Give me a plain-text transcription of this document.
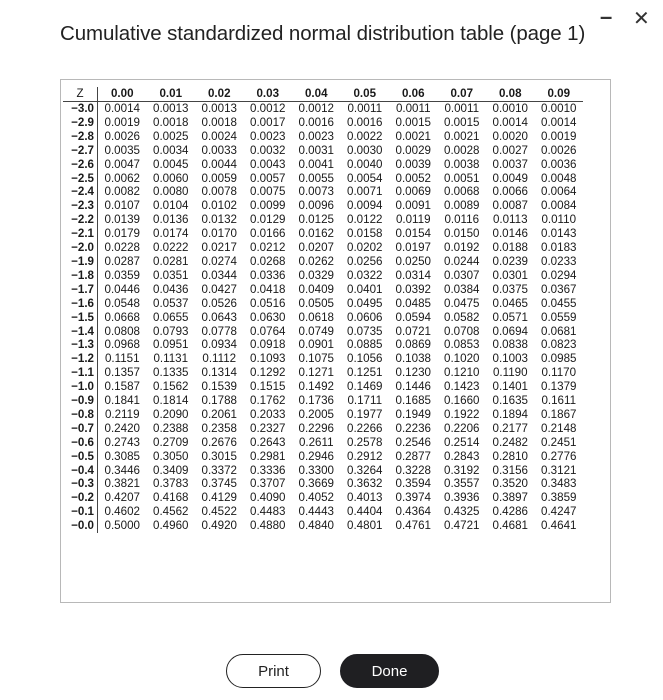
Cumulative standardized normal distribution table (page 1)
– ✕
Z	0.00	0.01	0.02	0.03	0.04	0.05	0.06	0.07	0.08	0.09
−3.0	0.0014	0.0013	0.0013	0.0012	0.0012	0.0011	0.0011	0.0011	0.0010	0.0010
−2.9	0.0019	0.0018	0.0018	0.0017	0.0016	0.0016	0.0015	0.0015	0.0014	0.0014
−2.8	0.0026	0.0025	0.0024	0.0023	0.0023	0.0022	0.0021	0.0021	0.0020	0.0019
−2.7	0.0035	0.0034	0.0033	0.0032	0.0031	0.0030	0.0029	0.0028	0.0027	0.0026
−2.6	0.0047	0.0045	0.0044	0.0043	0.0041	0.0040	0.0039	0.0038	0.0037	0.0036
−2.5	0.0062	0.0060	0.0059	0.0057	0.0055	0.0054	0.0052	0.0051	0.0049	0.0048
−2.4	0.0082	0.0080	0.0078	0.0075	0.0073	0.0071	0.0069	0.0068	0.0066	0.0064
−2.3	0.0107	0.0104	0.0102	0.0099	0.0096	0.0094	0.0091	0.0089	0.0087	0.0084
−2.2	0.0139	0.0136	0.0132	0.0129	0.0125	0.0122	0.0119	0.0116	0.0113	0.0110
−2.1	0.0179	0.0174	0.0170	0.0166	0.0162	0.0158	0.0154	0.0150	0.0146	0.0143
−2.0	0.0228	0.0222	0.0217	0.0212	0.0207	0.0202	0.0197	0.0192	0.0188	0.0183
−1.9	0.0287	0.0281	0.0274	0.0268	0.0262	0.0256	0.0250	0.0244	0.0239	0.0233
−1.8	0.0359	0.0351	0.0344	0.0336	0.0329	0.0322	0.0314	0.0307	0.0301	0.0294
−1.7	0.0446	0.0436	0.0427	0.0418	0.0409	0.0401	0.0392	0.0384	0.0375	0.0367
−1.6	0.0548	0.0537	0.0526	0.0516	0.0505	0.0495	0.0485	0.0475	0.0465	0.0455
−1.5	0.0668	0.0655	0.0643	0.0630	0.0618	0.0606	0.0594	0.0582	0.0571	0.0559
−1.4	0.0808	0.0793	0.0778	0.0764	0.0749	0.0735	0.0721	0.0708	0.0694	0.0681
−1.3	0.0968	0.0951	0.0934	0.0918	0.0901	0.0885	0.0869	0.0853	0.0838	0.0823
−1.2	0.1151	0.1131	0.1112	0.1093	0.1075	0.1056	0.1038	0.1020	0.1003	0.0985
−1.1	0.1357	0.1335	0.1314	0.1292	0.1271	0.1251	0.1230	0.1210	0.1190	0.1170
−1.0	0.1587	0.1562	0.1539	0.1515	0.1492	0.1469	0.1446	0.1423	0.1401	0.1379
−0.9	0.1841	0.1814	0.1788	0.1762	0.1736	0.1711	0.1685	0.1660	0.1635	0.1611
−0.8	0.2119	0.2090	0.2061	0.2033	0.2005	0.1977	0.1949	0.1922	0.1894	0.1867
−0.7	0.2420	0.2388	0.2358	0.2327	0.2296	0.2266	0.2236	0.2206	0.2177	0.2148
−0.6	0.2743	0.2709	0.2676	0.2643	0.2611	0.2578	0.2546	0.2514	0.2482	0.2451
−0.5	0.3085	0.3050	0.3015	0.2981	0.2946	0.2912	0.2877	0.2843	0.2810	0.2776
−0.4	0.3446	0.3409	0.3372	0.3336	0.3300	0.3264	0.3228	0.3192	0.3156	0.3121
−0.3	0.3821	0.3783	0.3745	0.3707	0.3669	0.3632	0.3594	0.3557	0.3520	0.3483
−0.2	0.4207	0.4168	0.4129	0.4090	0.4052	0.4013	0.3974	0.3936	0.3897	0.3859
−0.1	0.4602	0.4562	0.4522	0.4483	0.4443	0.4404	0.4364	0.4325	0.4286	0.4247
−0.0	0.5000	0.4960	0.4920	0.4880	0.4840	0.4801	0.4761	0.4721	0.4681	0.4641
Print	Done
